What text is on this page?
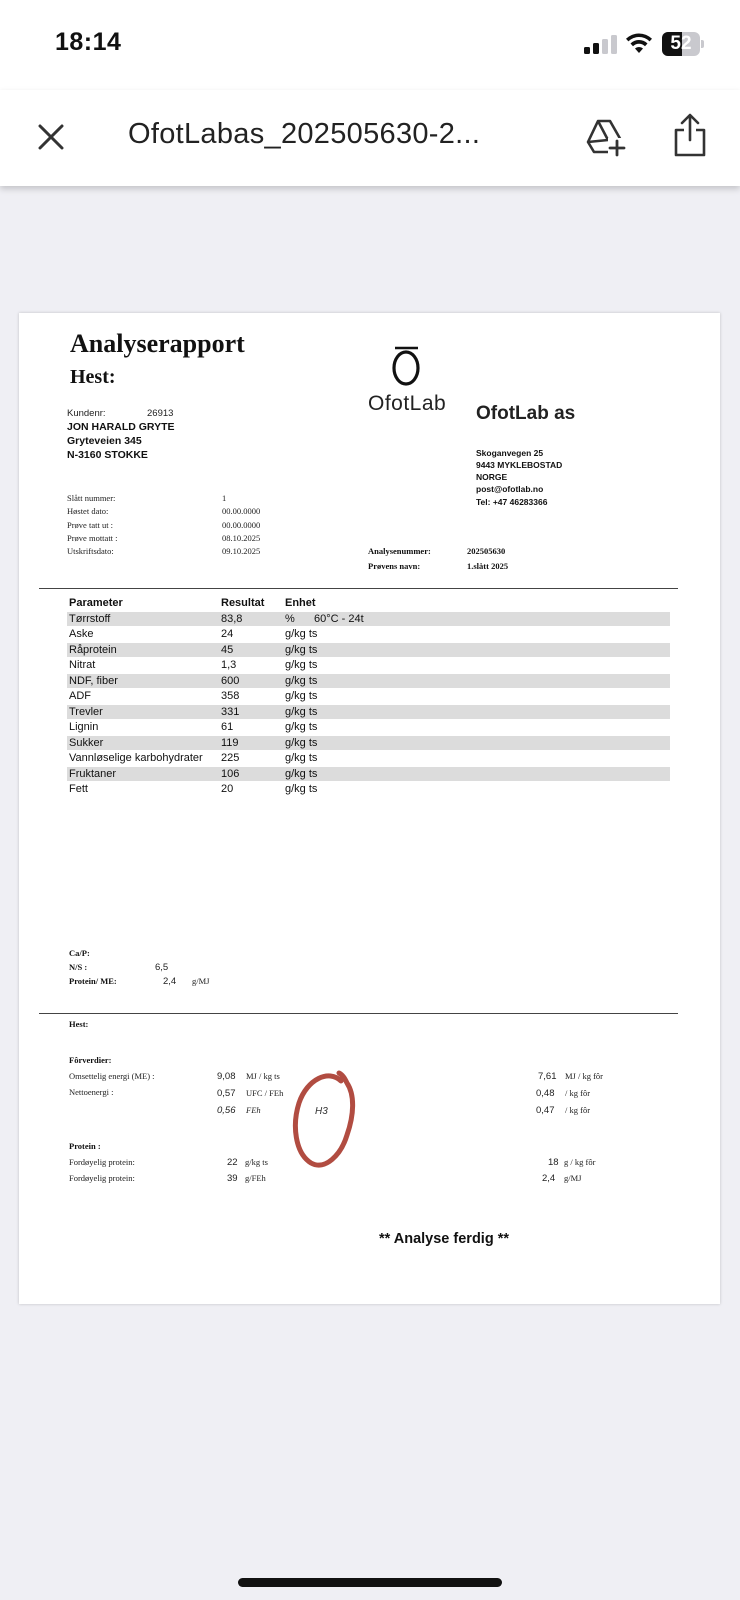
18:14	52
OfotLabas_202505630-2...
Analyserapport
Hest:
OfotLab OfotLab as
Kundenr:	26913
JON HARALD GRYTE
Gryteveien 345
N-3160 STOKKE	Skoganvegen 25
9443 MYKLEBOSTAD
NORGE
post@ofotlab.no
Tel: +47 46283366
Slått nummer:	1
Høstet dato:	00.00.0000
Prøve tatt ut :	00.00.0000
Prøve mottatt :	08.10.2025
Utskriftsdato:	09.10.2025	Analysenummer:	202505630
Prøvens navn:	1.slått 2025
Parameter	Resultat Enhet
Tørrstoff	83,8	% 60°C - 24t
Aske	24	g/kg ts
Råprotein	45	g/kg ts
Nitrat	1,3	g/kg ts
NDF, fiber	600	g/kg ts
ADF	358	g/kg ts
Trevler	331	g/kg ts
Lignin	61	g/kg ts
Sukker	119	g/kg ts
Vannløselige karbohydrater 225	g/kg ts
Fruktaner	106	g/kg ts
Fett	20	g/kg ts
Ca/P:
N/S :	6,5
Protein/ ME:	2,4 g/MJ
Hest:
Fôrverdier:
Omsettelig energi (ME) :	9,08 MJ / kg ts	7,61 MJ / kg fôr
Nettoenergi :	0,57 UFC / FEh	0,48 / kg fôr
0,56 FEh	0,47 / kg fôr
H3
Protein :
Fordøyelig protein:	22 g/kg ts	18 g / kg fôr
Fordøyelig protein:	39 g/FEh	2,4 g/MJ
** Analyse ferdig **
